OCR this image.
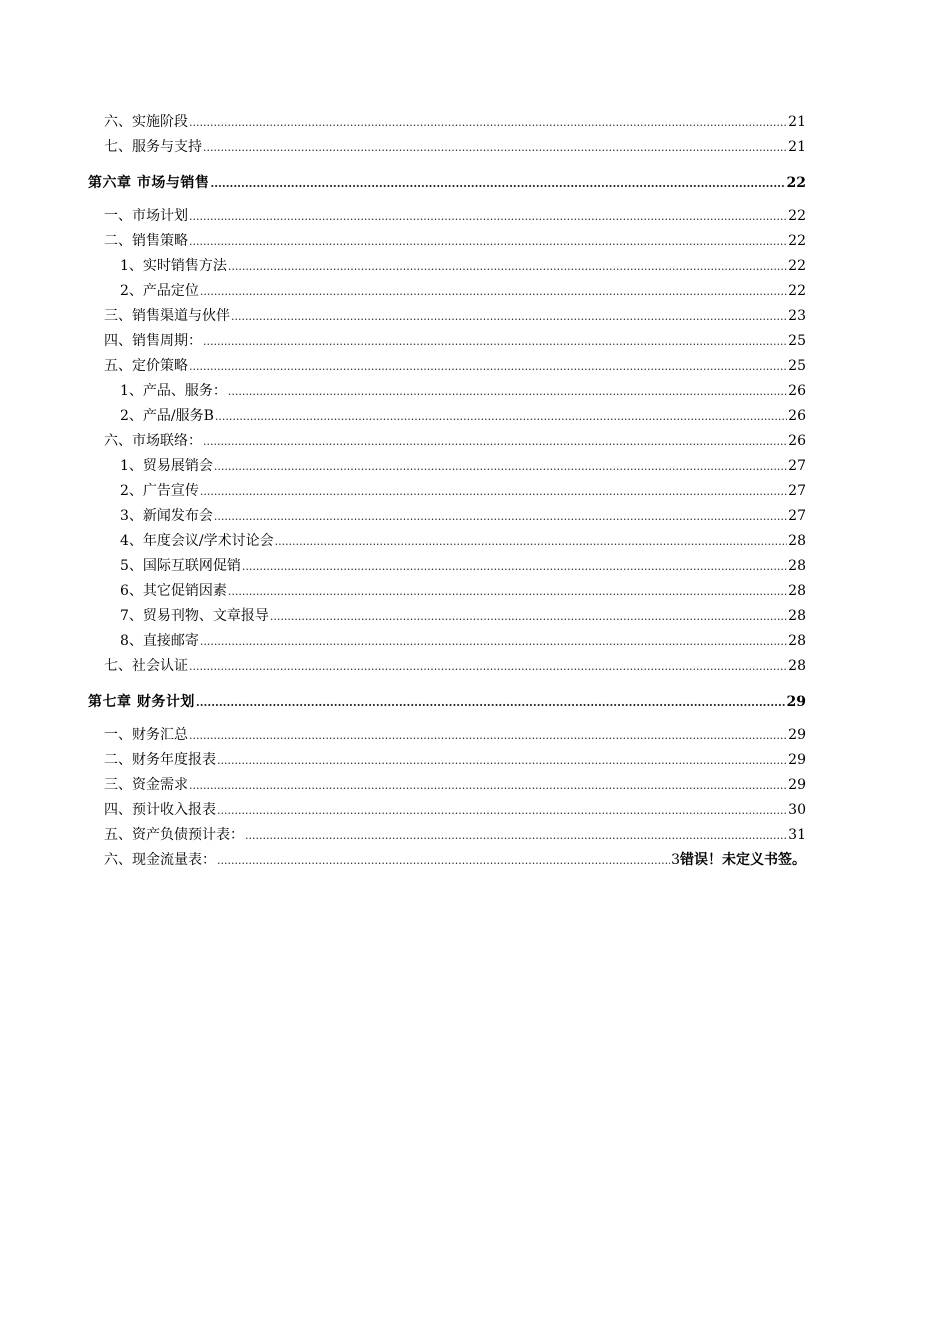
六、实施阶段 .....	21
七、服务与支持 .....	21
第六章 市场与销售 .....	22
一、市场计划 .....	22
二、销售策略 .....	22
1、实时销售方法 .....	22
2、产品定位 .....	22
三、销售渠道与伙伴 .....	23
四、销售周期： .....	25
五、定价策略 .....	25
1、产品、服务： .....	26
2、产品/服务B .....	26
六、市场联络： .....	26
1、贸易展销会 .....	27
2、广告宣传 .....	27
3、新闻发布会 .....	27
4、年度会议/学术讨论会 .....	28
5、国际互联网促销 .....	28
6、其它促销因素 .....	28
7、贸易刊物、文章报导 .....	28
8、直接邮寄 .....	28
七、社会认证 .....	28
第七章 财务计划 .....	29
一、财务汇总 .....	29
二、财务年度报表 .....	29
三、资金需求 .....	29
四、预计收入报表 .....	30
五、资产负债预计表： .....	31
六、现金流量表： .....	3错误！未定义书签。
